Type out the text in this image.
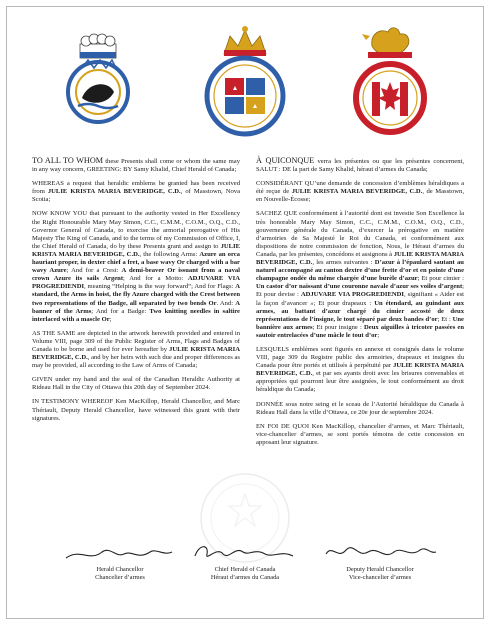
TO ALL TO WHOM these Presents shall come or whom the same may in any way concern, GREETING: BY Samy Khalid, Chief Herald of Canada;

WHEREAS a request that heraldic emblems be granted has been received from JULIE KRISTA MARIA BEVERIDGE, C.D., of Masstown, Nova Scotia;

NOW KNOW YOU that pursuant to the authority vested in Her Excellency the Right Honourable Mary May Simon, C.C., C.M.M., C.O.M., O.Q., C.D., Governor General of Canada, to exercise the armorial prerogative of His Majesty The King of Canada, and to the terms of my Commission of Office, I, the Chief Herald of Canada, do by these Presents grant and assign to JULIE KRISTA MARIA BEVERIDGE, C.D., the following Arms: Azure an orca hauriant proper, in dexter chief a fret, a base wavy Or charged with a bar wavy Azure; And for a Crest: A demi-beaver Or issuant from a naval crown Azure its sails Argent; And for a Motto: ADJUVARE VIA PROGREDIENDI, meaning “Helping is the way forward”; And for Flags: A standard, the Arms in hoist, the fly Azure charged with the Crest between two representations of the Badge, all separated by two bends Or. And: A banner of the Arms; And for a Badge: Two knitting needles in saltire interlaced with a mascle Or;

AS THE SAME are depicted in the artwork herewith provided and entered in Volume VIII, page 309 of the Public Register of Arms, Flags and Badges of Canada to be borne and used for ever hereafter by JULIE KRISTA MARIA BEVERIDGE, C.D., and by her heirs with such due and proper differences as may be provided, all according to the Law of Arms of Canada;

GIVEN under my hand and the seal of the Canadian Heraldic Authority at Rideau Hall in the City of Ottawa this 20th day of September 2024.

IN TESTIMONY WHEREOF Ken MacKillop, Herald Chancellor, and Marc Thériault, Deputy Herald Chancellor, have witnessed this grant with their signatures.

À QUICONQUE verra les présentes ou que les présentes concernent, SALUT : DE la part de Samy Khalid, héraut d’armes du Canada;

CONSIDÉRANT QU’une demande de concession d’emblèmes héraldiques a été reçue de JULIE KRISTA MARIA BEVERIDGE, C.D., de Masstown, en Nouvelle-Écosse;

SACHEZ QUE conformément à l’autorité dont est investie Son Excellence la très honorable Mary May Simon, C.C., C.M.M., C.O.M., O.Q., C.D., gouverneure générale du Canada, d’exercer la prérogative en matière d’armoiries de Sa Majesté le Roi du Canada, et conformément aux dispositions de notre commission de fonction, Nous, le Héraut d’armes du Canada, par les présentes, concédons et assignons à JULIE KRISTA MARIA BEVERIDGE, C.D., les armes suivantes : D’azur à l’épaulard sautant au naturel accompagné au canton dextre d’une frette d’or et en pointe d’une champagne ondée du même chargée d’une burèle d’azur; Et pour cimier : Un castor d’or naissant d’une couronne navale d’azur ses voiles d’argent; Et pour devise : ADJUVARE VIA PROGREDIENDI, signifiant « Aider est la façon d’avancer »; Et pour drapeaux : Un étendard, au guindant aux armes, au battant d’azur chargé du cimier accosté de deux représentations de l’insigne, le tout séparé par deux bandes d’or; Et : Une bannière aux armes; Et pour insigne : Deux aiguilles à tricoter passées en sautoir entrelacées d’une mâcle le tout d’or;

LESQUELS emblèmes sont figurés en annexe et consignés dans le volume VIII, page 309 du Registre public des armoiries, drapeaux et insignes du Canada pour être portés et utilisés à perpétuité par JULIE KRISTA MARIA BEVERIDGE, C.D., et par ses ayants droit avec les brisures convenables et appropriées qui pourront leur être assignées, le tout conformément au droit héraldique du Canada;

DONNÉE sous notre seing et le sceau de l’Autorité héraldique du Canada à Rideau Hall dans la ville d’Ottawa, ce 20e jour de septembre 2024.

EN FOI DE QUOI Ken MacKillop, chancelier d’armes, et Marc Thériault, vice-chancelier d’armes, se sont portés témoins de cette concession en apposant leur signature.

Herald Chancellor
Chancelier d’armes
Chief Herald of Canada
Héraut d’armes du Canada
Deputy Herald Chancellor
Vice-chancelier d’armes
